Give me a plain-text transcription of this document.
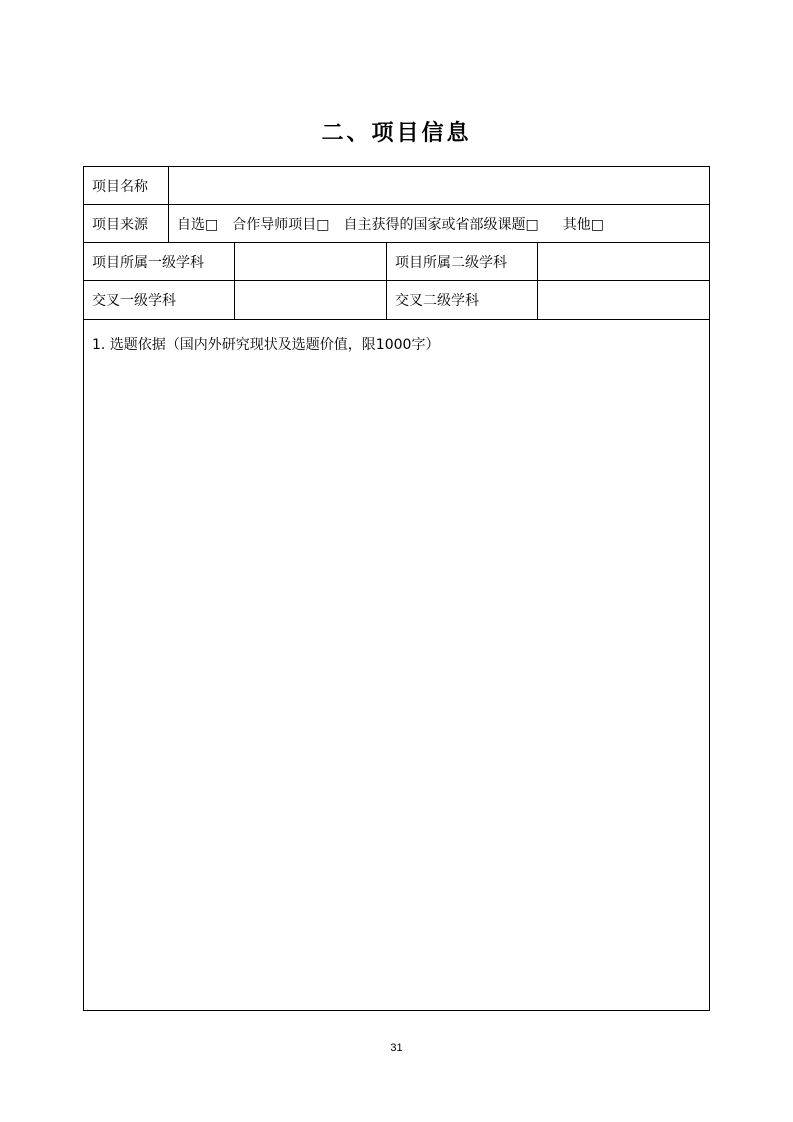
二、项目信息
项目名称
项目来源	自选□ 合作导师项目□ 自主获得的国家或省部级课题□ 其他□
项目所属一级学科	项目所属二级学科
交叉一级学科	交叉二级学科
1. 选题依据（国内外研究现状及选题价值，限1000字）
31
